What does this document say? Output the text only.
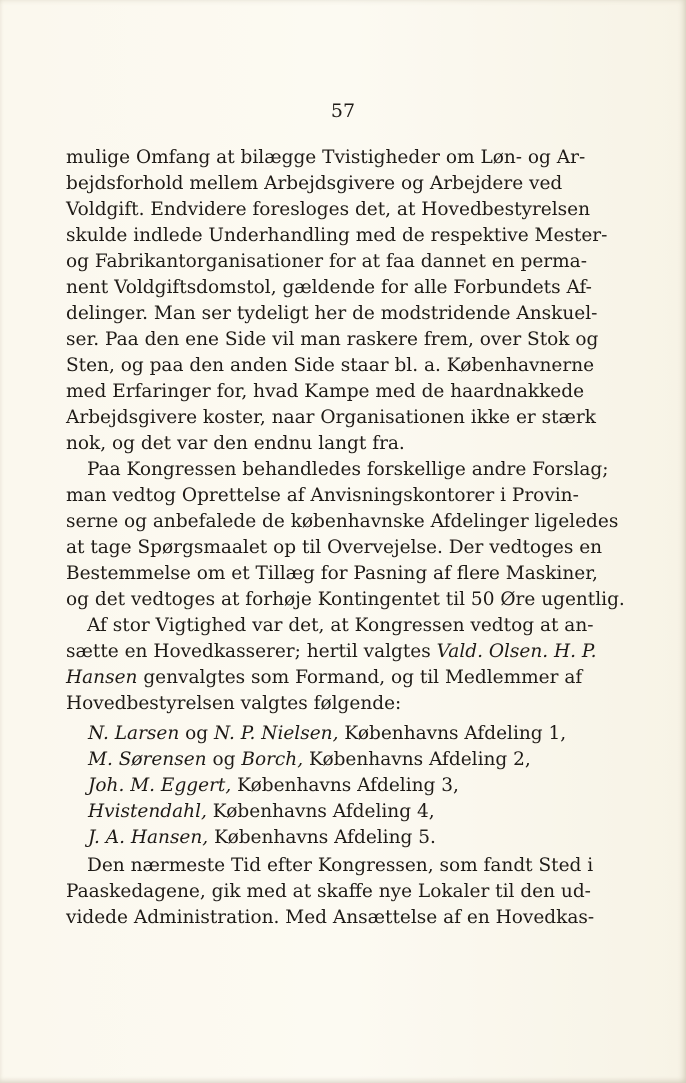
57
mulige Omfang at bilægge Tvistigheder om Løn- og Ar-
bejdsforhold mellem Arbejdsgivere og Arbejdere ved
Voldgift. Endvidere foresloges det, at Hovedbestyrelsen
skulde indlede Underhandling med de respektive Mester-
og Fabrikantorganisationer for at faa dannet en perma-
nent Voldgiftsdomstol, gældende for alle Forbundets Af-
delinger. Man ser tydeligt her de modstridende Anskuel-
ser. Paa den ene Side vil man raskere frem, over Stok og
Sten, og paa den anden Side staar bl. a. Københavnerne
med Erfaringer for, hvad Kampe med de haardnakkede
Arbejdsgivere koster, naar Organisationen ikke er stærk
nok, og det var den endnu langt fra.
Paa Kongressen behandledes forskellige andre Forslag;
man vedtog Oprettelse af Anvisningskontorer i Provin-
serne og anbefalede de københavnske Afdelinger ligeledes
at tage Spørgsmaalet op til Overvejelse. Der vedtoges en
Bestemmelse om et Tillæg for Pasning af flere Maskiner,
og det vedtoges at forhøje Kontingentet til 50 Øre ugentlig.
Af stor Vigtighed var det, at Kongressen vedtog at an-
sætte en Hovedkasserer; hertil valgtes Vald. Olsen. H. P.
Hansen genvalgtes som Formand, og til Medlemmer af
Hovedbestyrelsen valgtes følgende:
N. Larsen og N. P. Nielsen, Københavns Afdeling 1,
M. Sørensen og Borch, Københavns Afdeling 2,
Joh. M. Eggert, Københavns Afdeling 3,
Hvistendahl, Københavns Afdeling 4,
J. A. Hansen, Københavns Afdeling 5.
Den nærmeste Tid efter Kongressen, som fandt Sted i
Paaskedagene, gik med at skaffe nye Lokaler til den ud-
videde Administration. Med Ansættelse af en Hovedkas-
